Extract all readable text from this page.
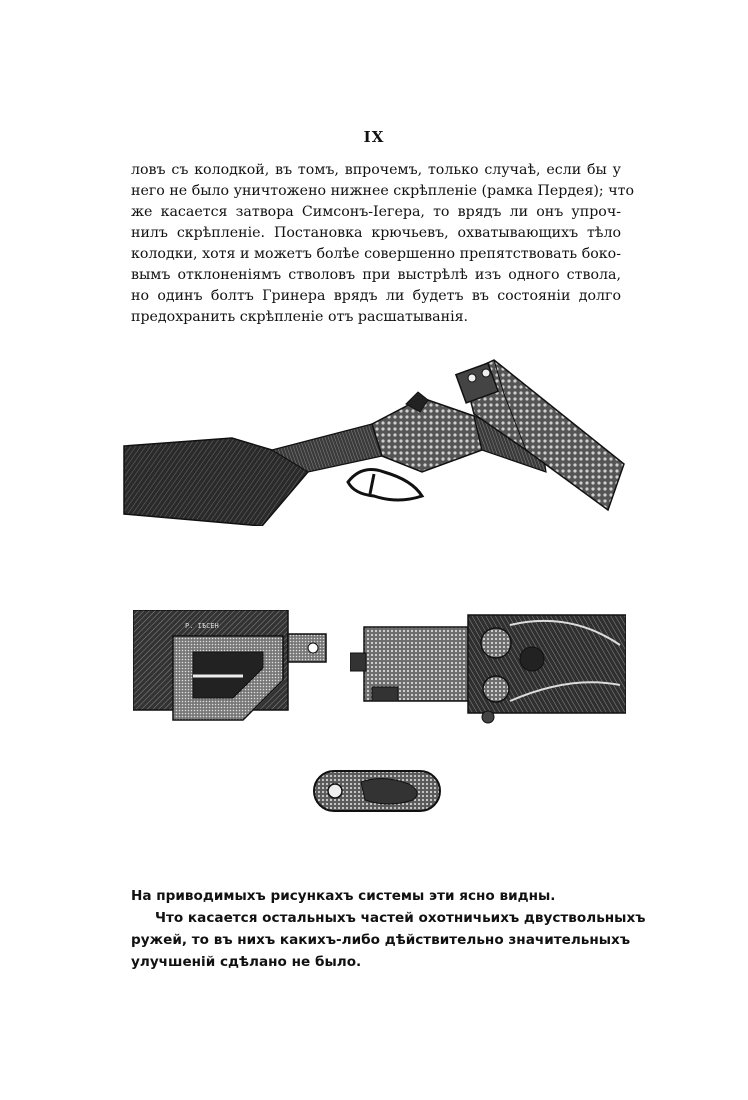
IX
ловъ съ колодкой, въ томъ, впрочемъ, только случаѣ, если бы у
него не было уничтожено нижнее скрѣпленіе (рамка Пердея); что
же касается затвора Симсонъ-Iегера, то врядъ ли онъ упроч-
нилъ скрѣпленіе. Постановка крючьевъ, охватывающихъ тѣло
колодки, хотя и можетъ болѣе совершенно препятствовать боко-
вымъ отклоненіямъ стволовъ при выстрѣлѣ изъ одного ствола,
но одинъ болтъ Гринера врядъ ли будетъ въ состояніи долго
предохранить скрѣпленіе отъ расшатыванія.
Р. ІѢСЕН
На приводимыхъ рисункахъ системы эти ясно видны.
Что касается остальныхъ частей охотничьихъ двуствольныхъ
ружей, то въ нихъ какихъ-либо дѣйствительно значительныхъ
улучшеній сдѣлано не было.
